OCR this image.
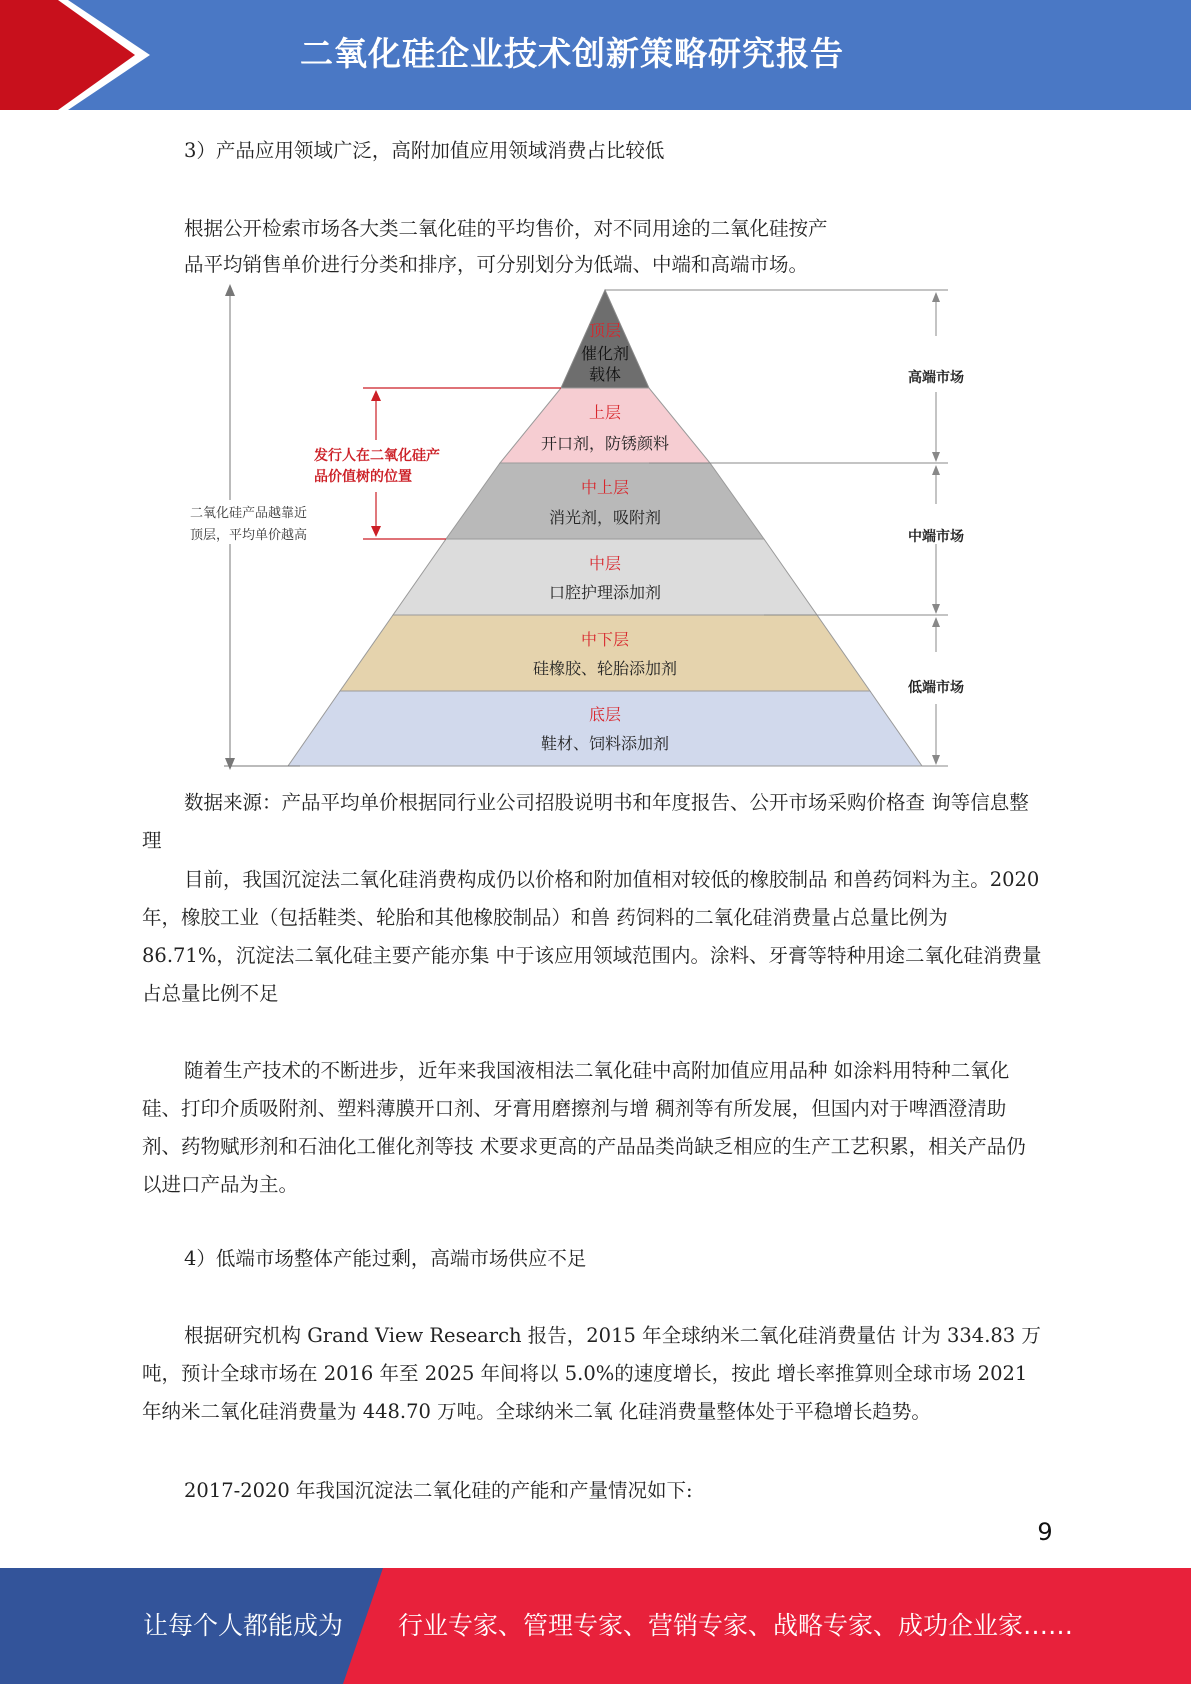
二氧化硅企业技术创新策略研究报告
3）产品应用领域广泛，高附加值应用领域消费占比较低
根据公开检索市场各大类二氧化硅的平均售价，对不同用途的二氧化硅按产
品平均销售单价进行分类和排序，可分别划分为低端、中端和高端市场。
顶层
催化剂
载体
上层
开口剂，防锈颜料
中上层
消光剂，吸附剂
中层
口腔护理添加剂
中下层
硅橡胶、轮胎添加剂
底层
鞋材、饲料添加剂
二氧化硅产品越靠近
顶层，平均单价越高
发行人在二氧化硅产
品价值树的位置
高端市场
中端市场
低端市场
数据来源：产品平均单价根据同行业公司招股说明书和年度报告、公开市场采购价格查 询等信息整理
目前，我国沉淀法二氧化硅消费构成仍以价格和附加值相对较低的橡胶制品 和兽药饲料为主。2020 年，橡胶工业（包括鞋类、轮胎和其他橡胶制品）和兽 药饲料的二氧化硅消费量占总量比例为 86.71%，沉淀法二氧化硅主要产能亦集 中于该应用领域范围内。涂料、牙膏等特种用途二氧化硅消费量占总量比例不足
随着生产技术的不断进步，近年来我国液相法二氧化硅中高附加值应用品种 如涂料用特种二氧化硅、打印介质吸附剂、塑料薄膜开口剂、牙膏用磨擦剂与增 稠剂等有所发展，但国内对于啤酒澄清助剂、药物赋形剂和石油化工催化剂等技 术要求更高的产品品类尚缺乏相应的生产工艺积累，相关产品仍以进口产品为主。
4）低端市场整体产能过剩，高端市场供应不足
根据研究机构 Grand View Research 报告，2015 年全球纳米二氧化硅消费量估 计为 334.83 万吨，预计全球市场在 2016 年至 2025 年间将以 5.0%的速度增长，按此 增长率推算则全球市场 2021 年纳米二氧化硅消费量为 448.70 万吨。全球纳米二氧 化硅消费量整体处于平稳增长趋势。
2017-2020 年我国沉淀法二氧化硅的产能和产量情况如下:
9
让每个人都能成为 行业专家、管理专家、营销专家、战略专家、成功企业家……
